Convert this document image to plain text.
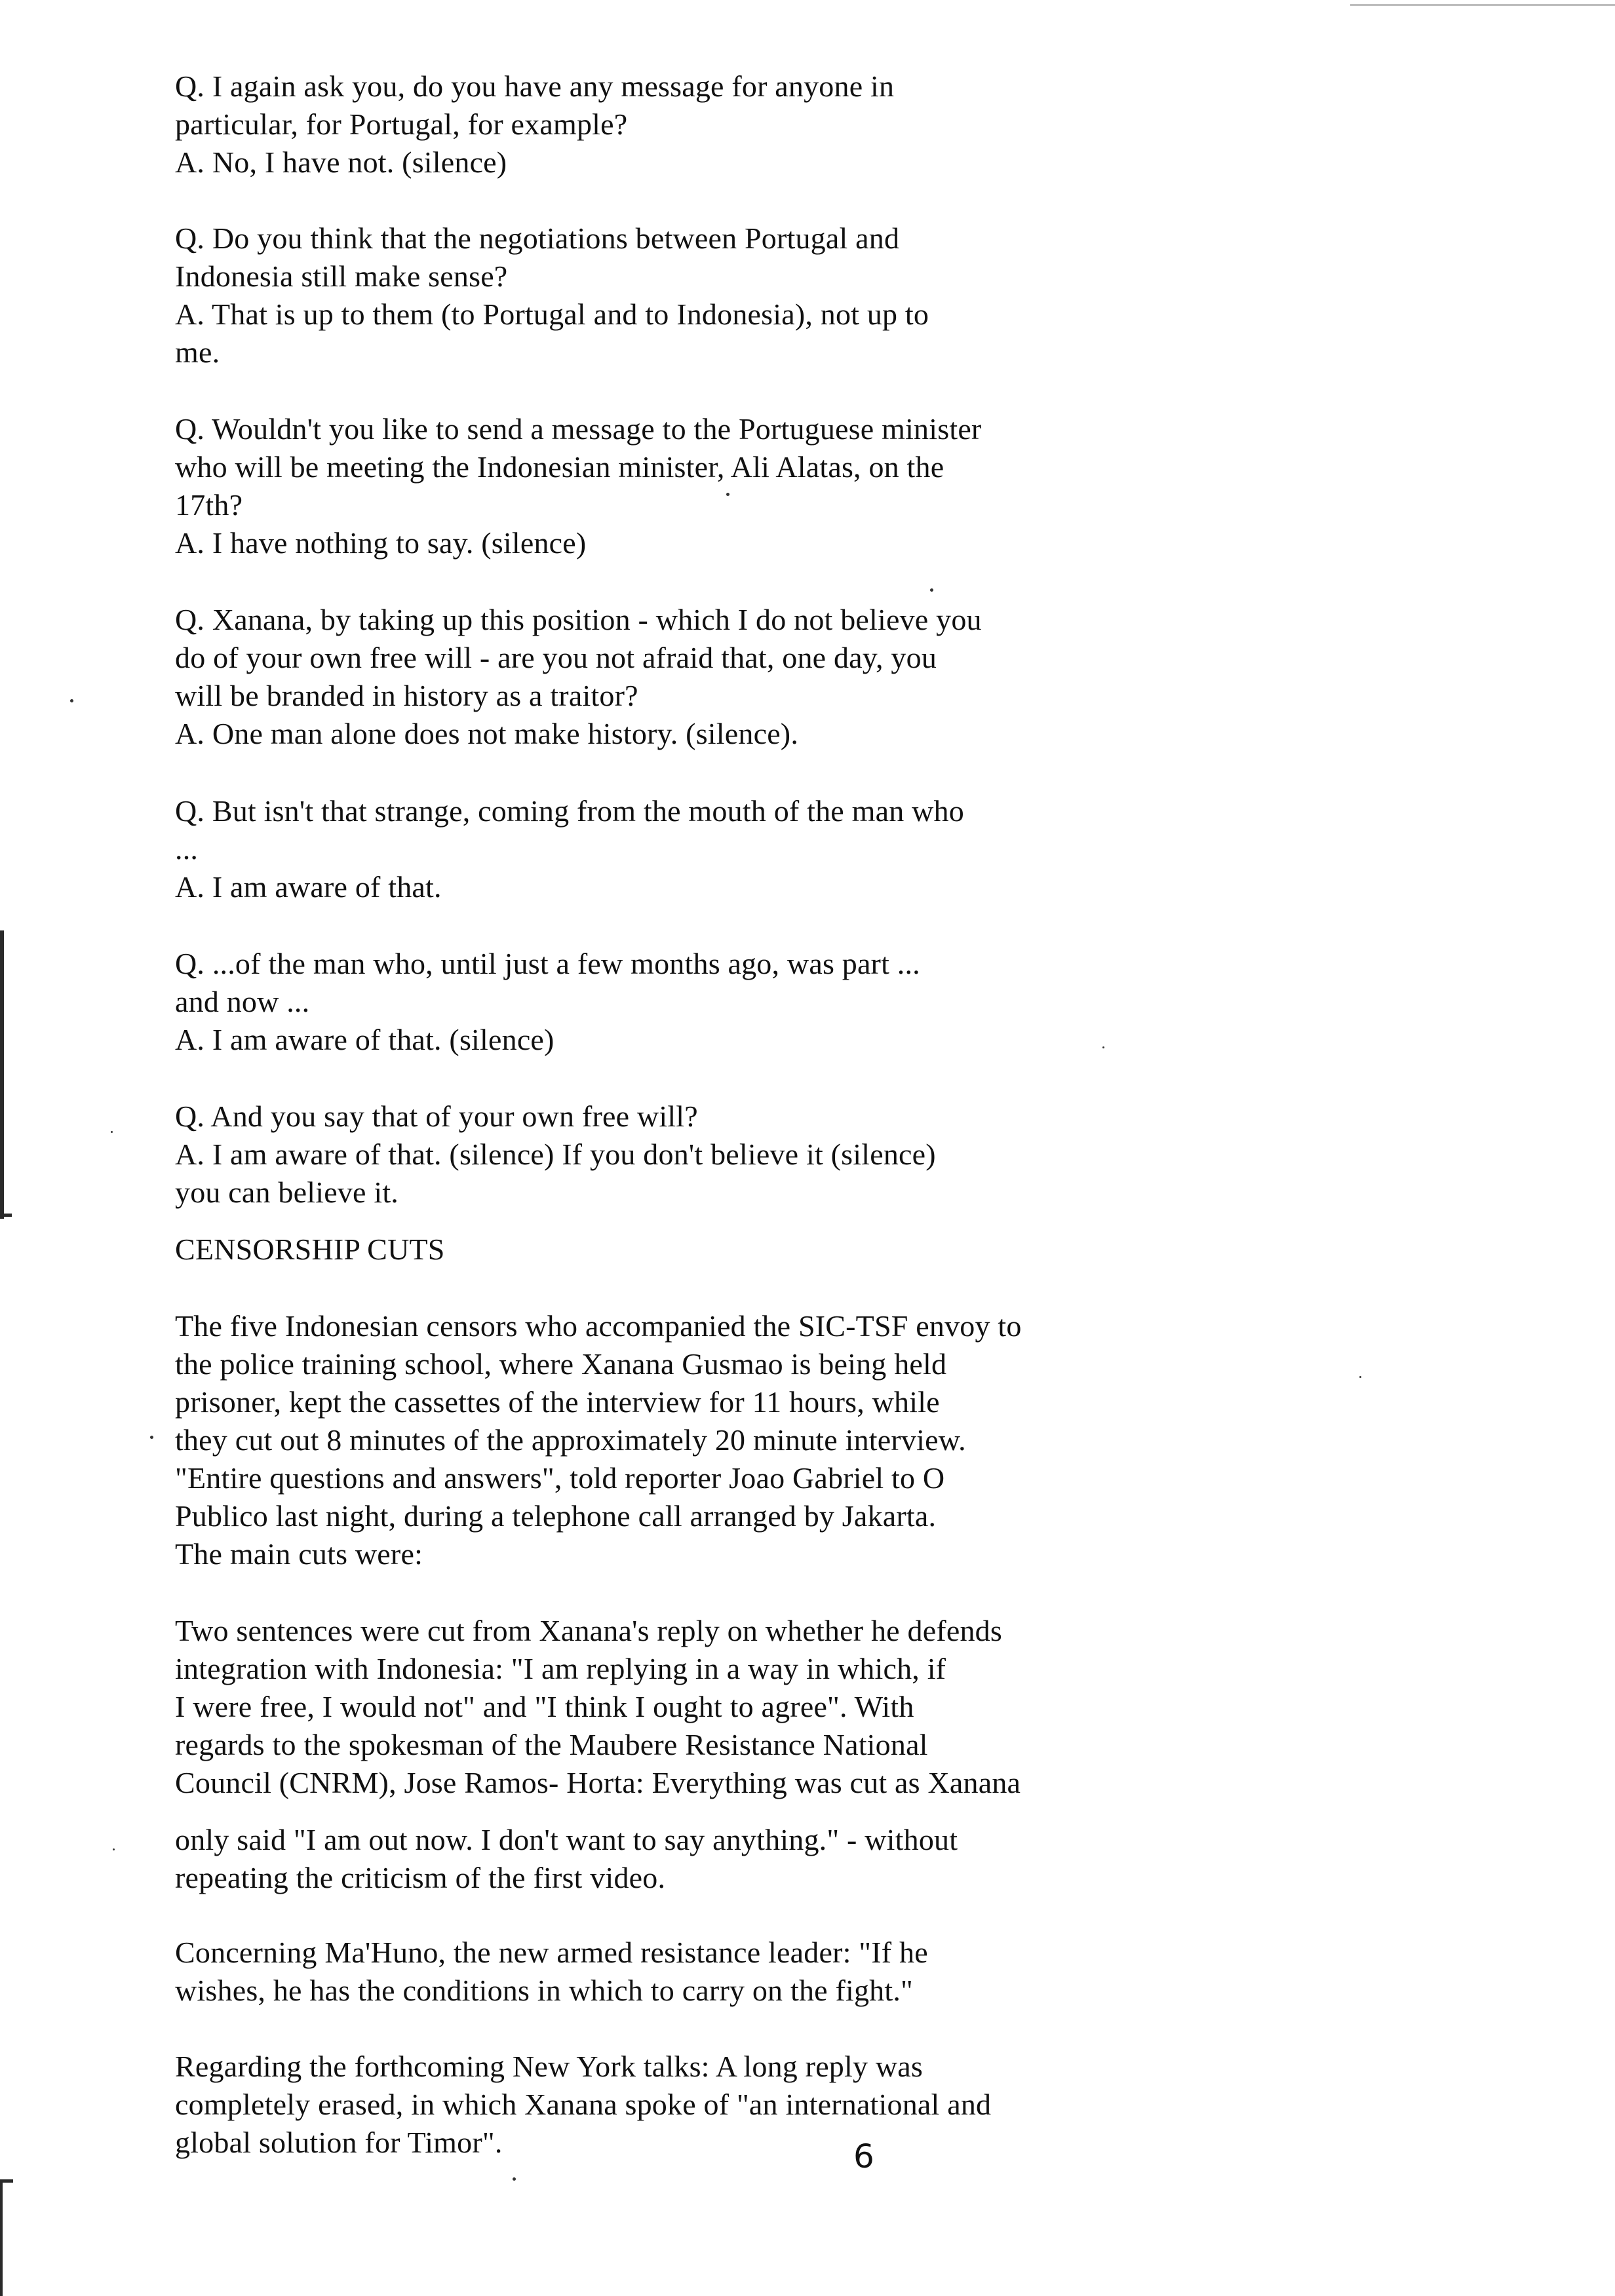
Q. I again ask you, do you have any message for anyone in
particular, for Portugal, for example?
A. No, I have not. (silence)
Q. Do you think that the negotiations between Portugal and
Indonesia still make sense?
A. That is up to them (to Portugal and to Indonesia), not up to
me.
Q. Wouldn't you like to send a message to the Portuguese minister
who will be meeting the Indonesian minister, Ali Alatas, on the
17th?
A. I have nothing to say. (silence)
Q. Xanana, by taking up this position - which I do not believe you
do of your own free will - are you not afraid that, one day, you
will be branded in history as a traitor?
A. One man alone does not make history. (silence).
Q. But isn't that strange, coming from the mouth of the man who
...
A. I am aware of that.
Q. ...of the man who, until just a few months ago, was part ...
and now ...
A. I am aware of that. (silence)
Q. And you say that of your own free will?
A. I am aware of that. (silence) If you don't believe it (silence)
you can believe it.
CENSORSHIP CUTS
The five Indonesian censors who accompanied the SIC-TSF envoy to
the police training school, where Xanana Gusmao is being held
prisoner, kept the cassettes of the interview for 11 hours, while
they cut out 8 minutes of the approximately 20 minute interview.
"Entire questions and answers", told reporter Joao Gabriel to O
Publico last night, during a telephone call arranged by Jakarta.
The main cuts were:
Two sentences were cut from Xanana's reply on whether he defends
integration with Indonesia: "I am replying in a way in which, if
I were free, I would not" and "I think I ought to agree". With
regards to the spokesman of the Maubere Resistance National
Council (CNRM), Jose Ramos- Horta: Everything was cut as Xanana
only said "I am out now. I don't want to say anything." - without
repeating the criticism of the first video.
Concerning Ma'Huno, the new armed resistance leader: "If he
wishes, he has the conditions in which to carry on the fight."
Regarding the forthcoming New York talks: A long reply was
completely erased, in which Xanana spoke of "an international and
global solution for Timor".	6
